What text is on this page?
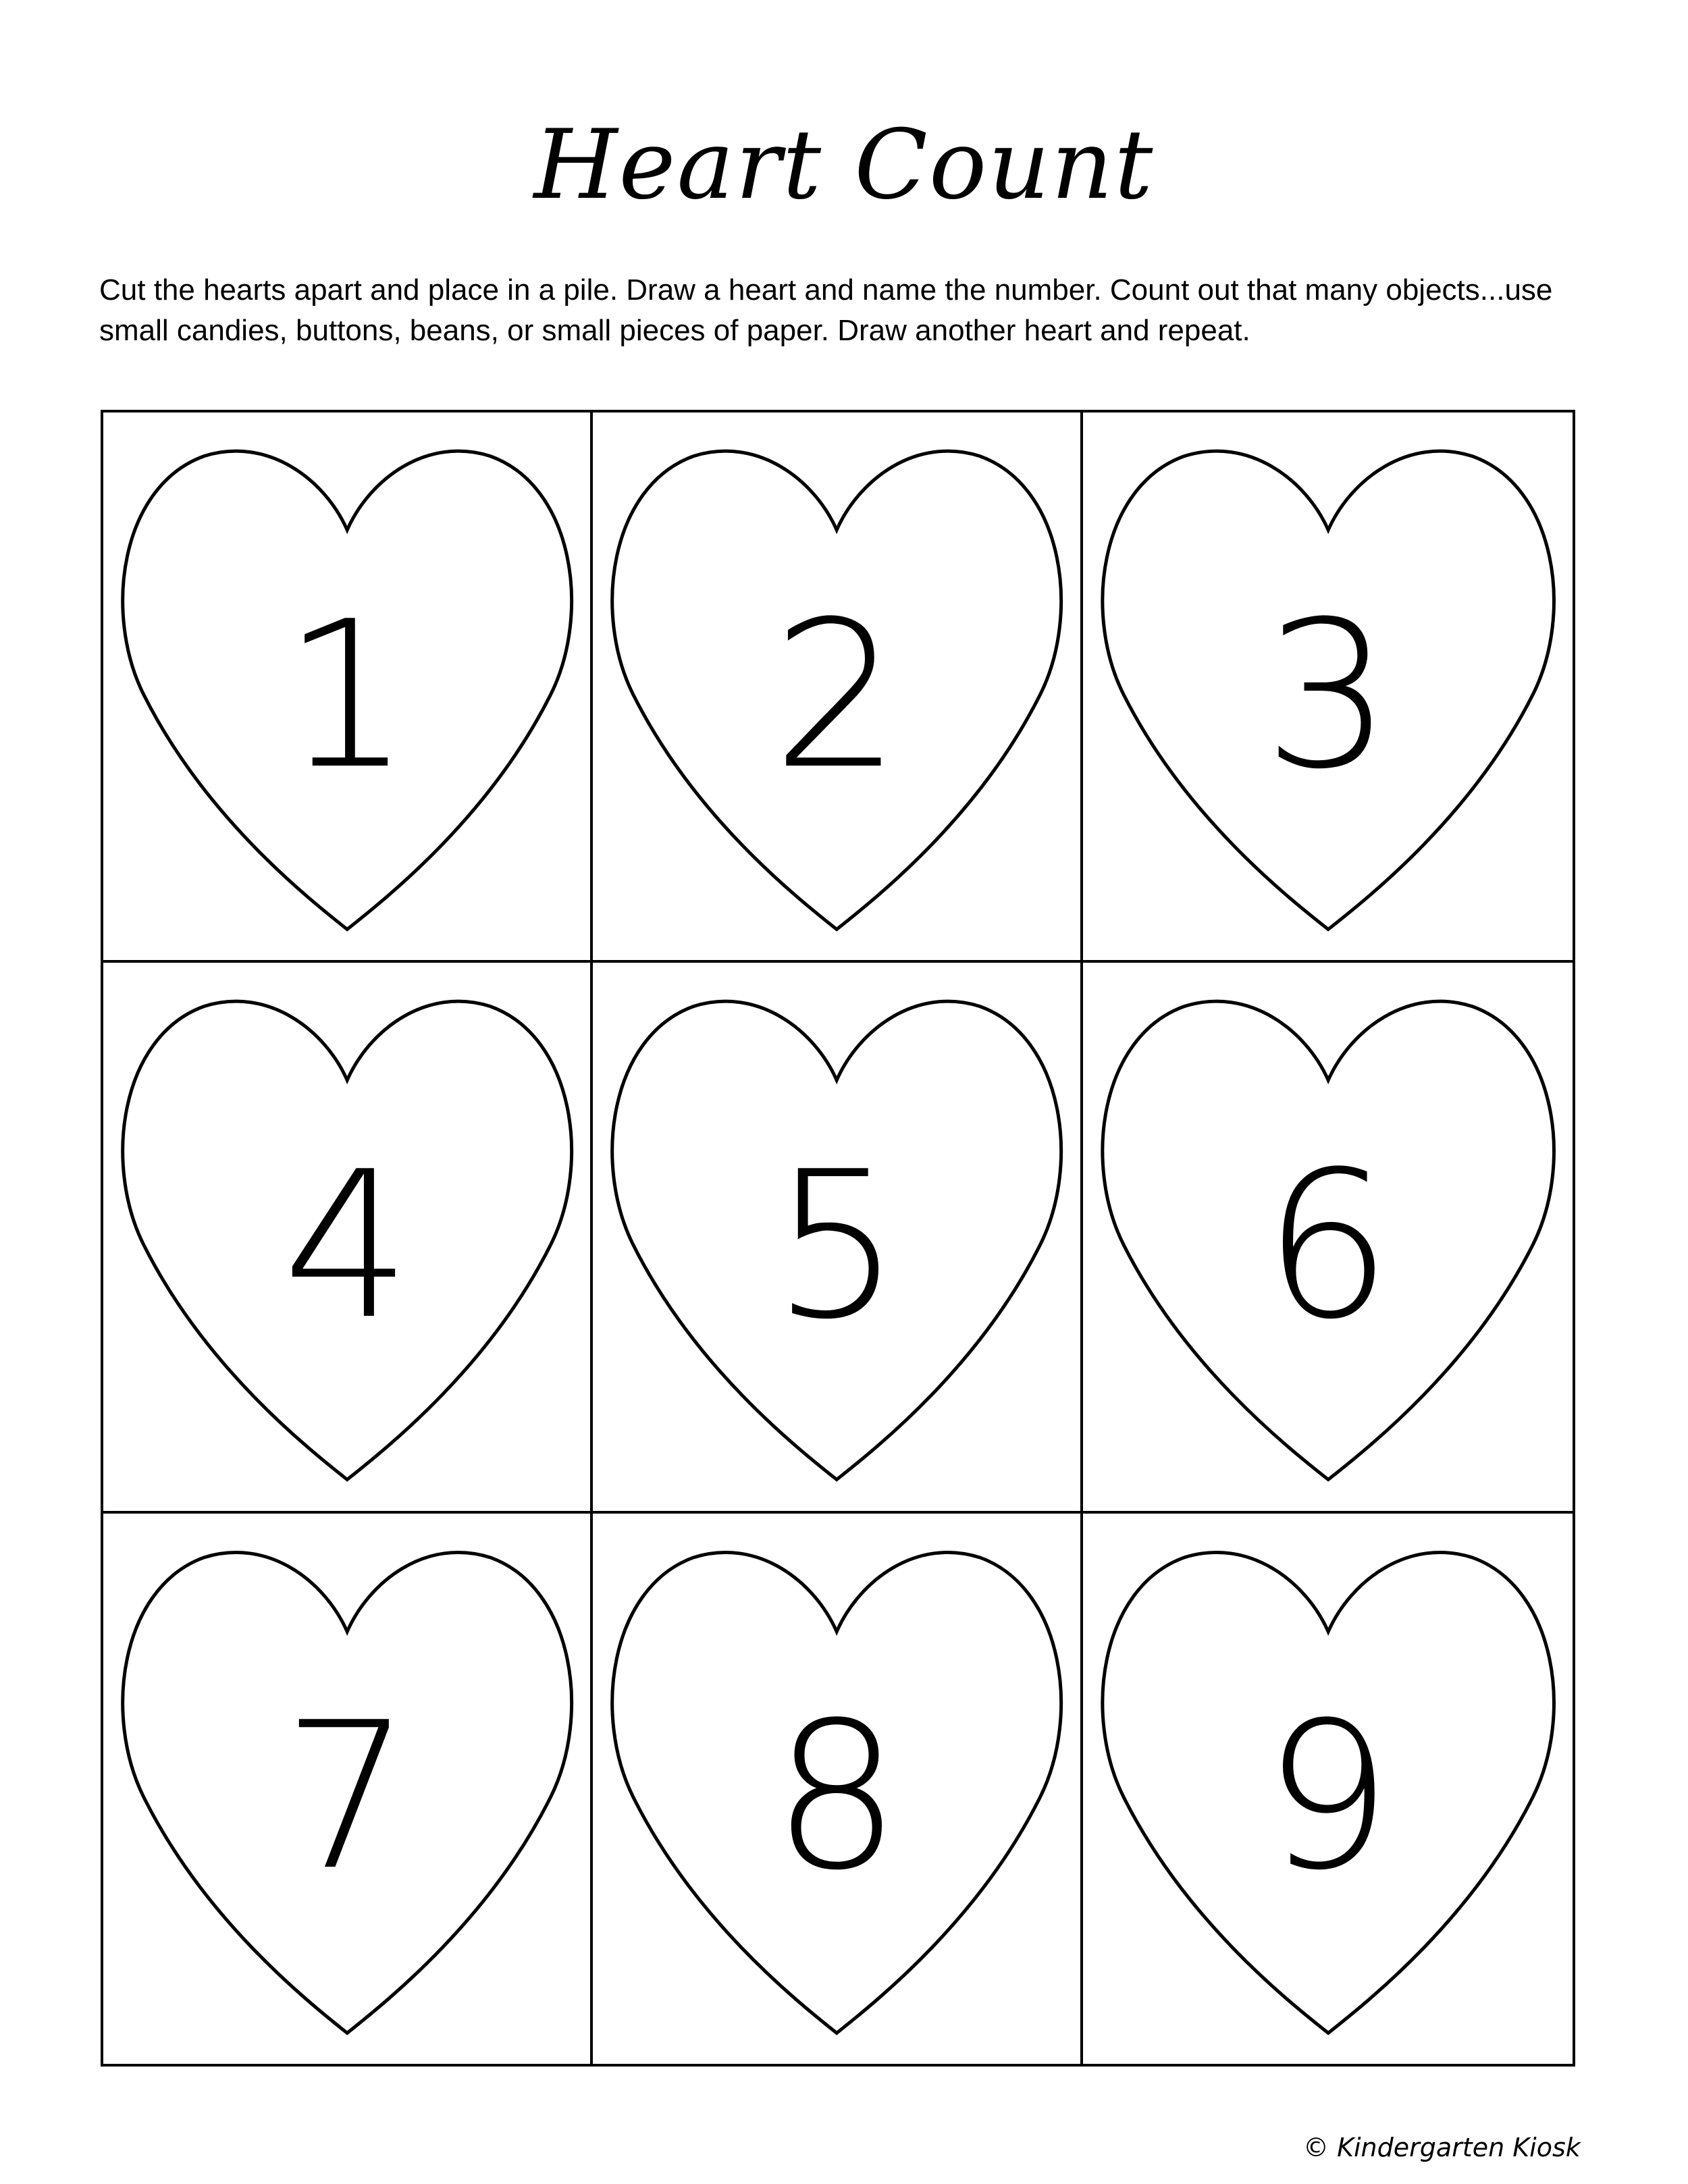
Heart Count

Cut the hearts apart and place in a pile. Draw a heart and name the number. Count out that many objects...use small candies, buttons, beans, or small pieces of paper. Draw another heart and repeat.

1	2	3
4	5	6
7	8	9
© Kindergarten Kiosk
